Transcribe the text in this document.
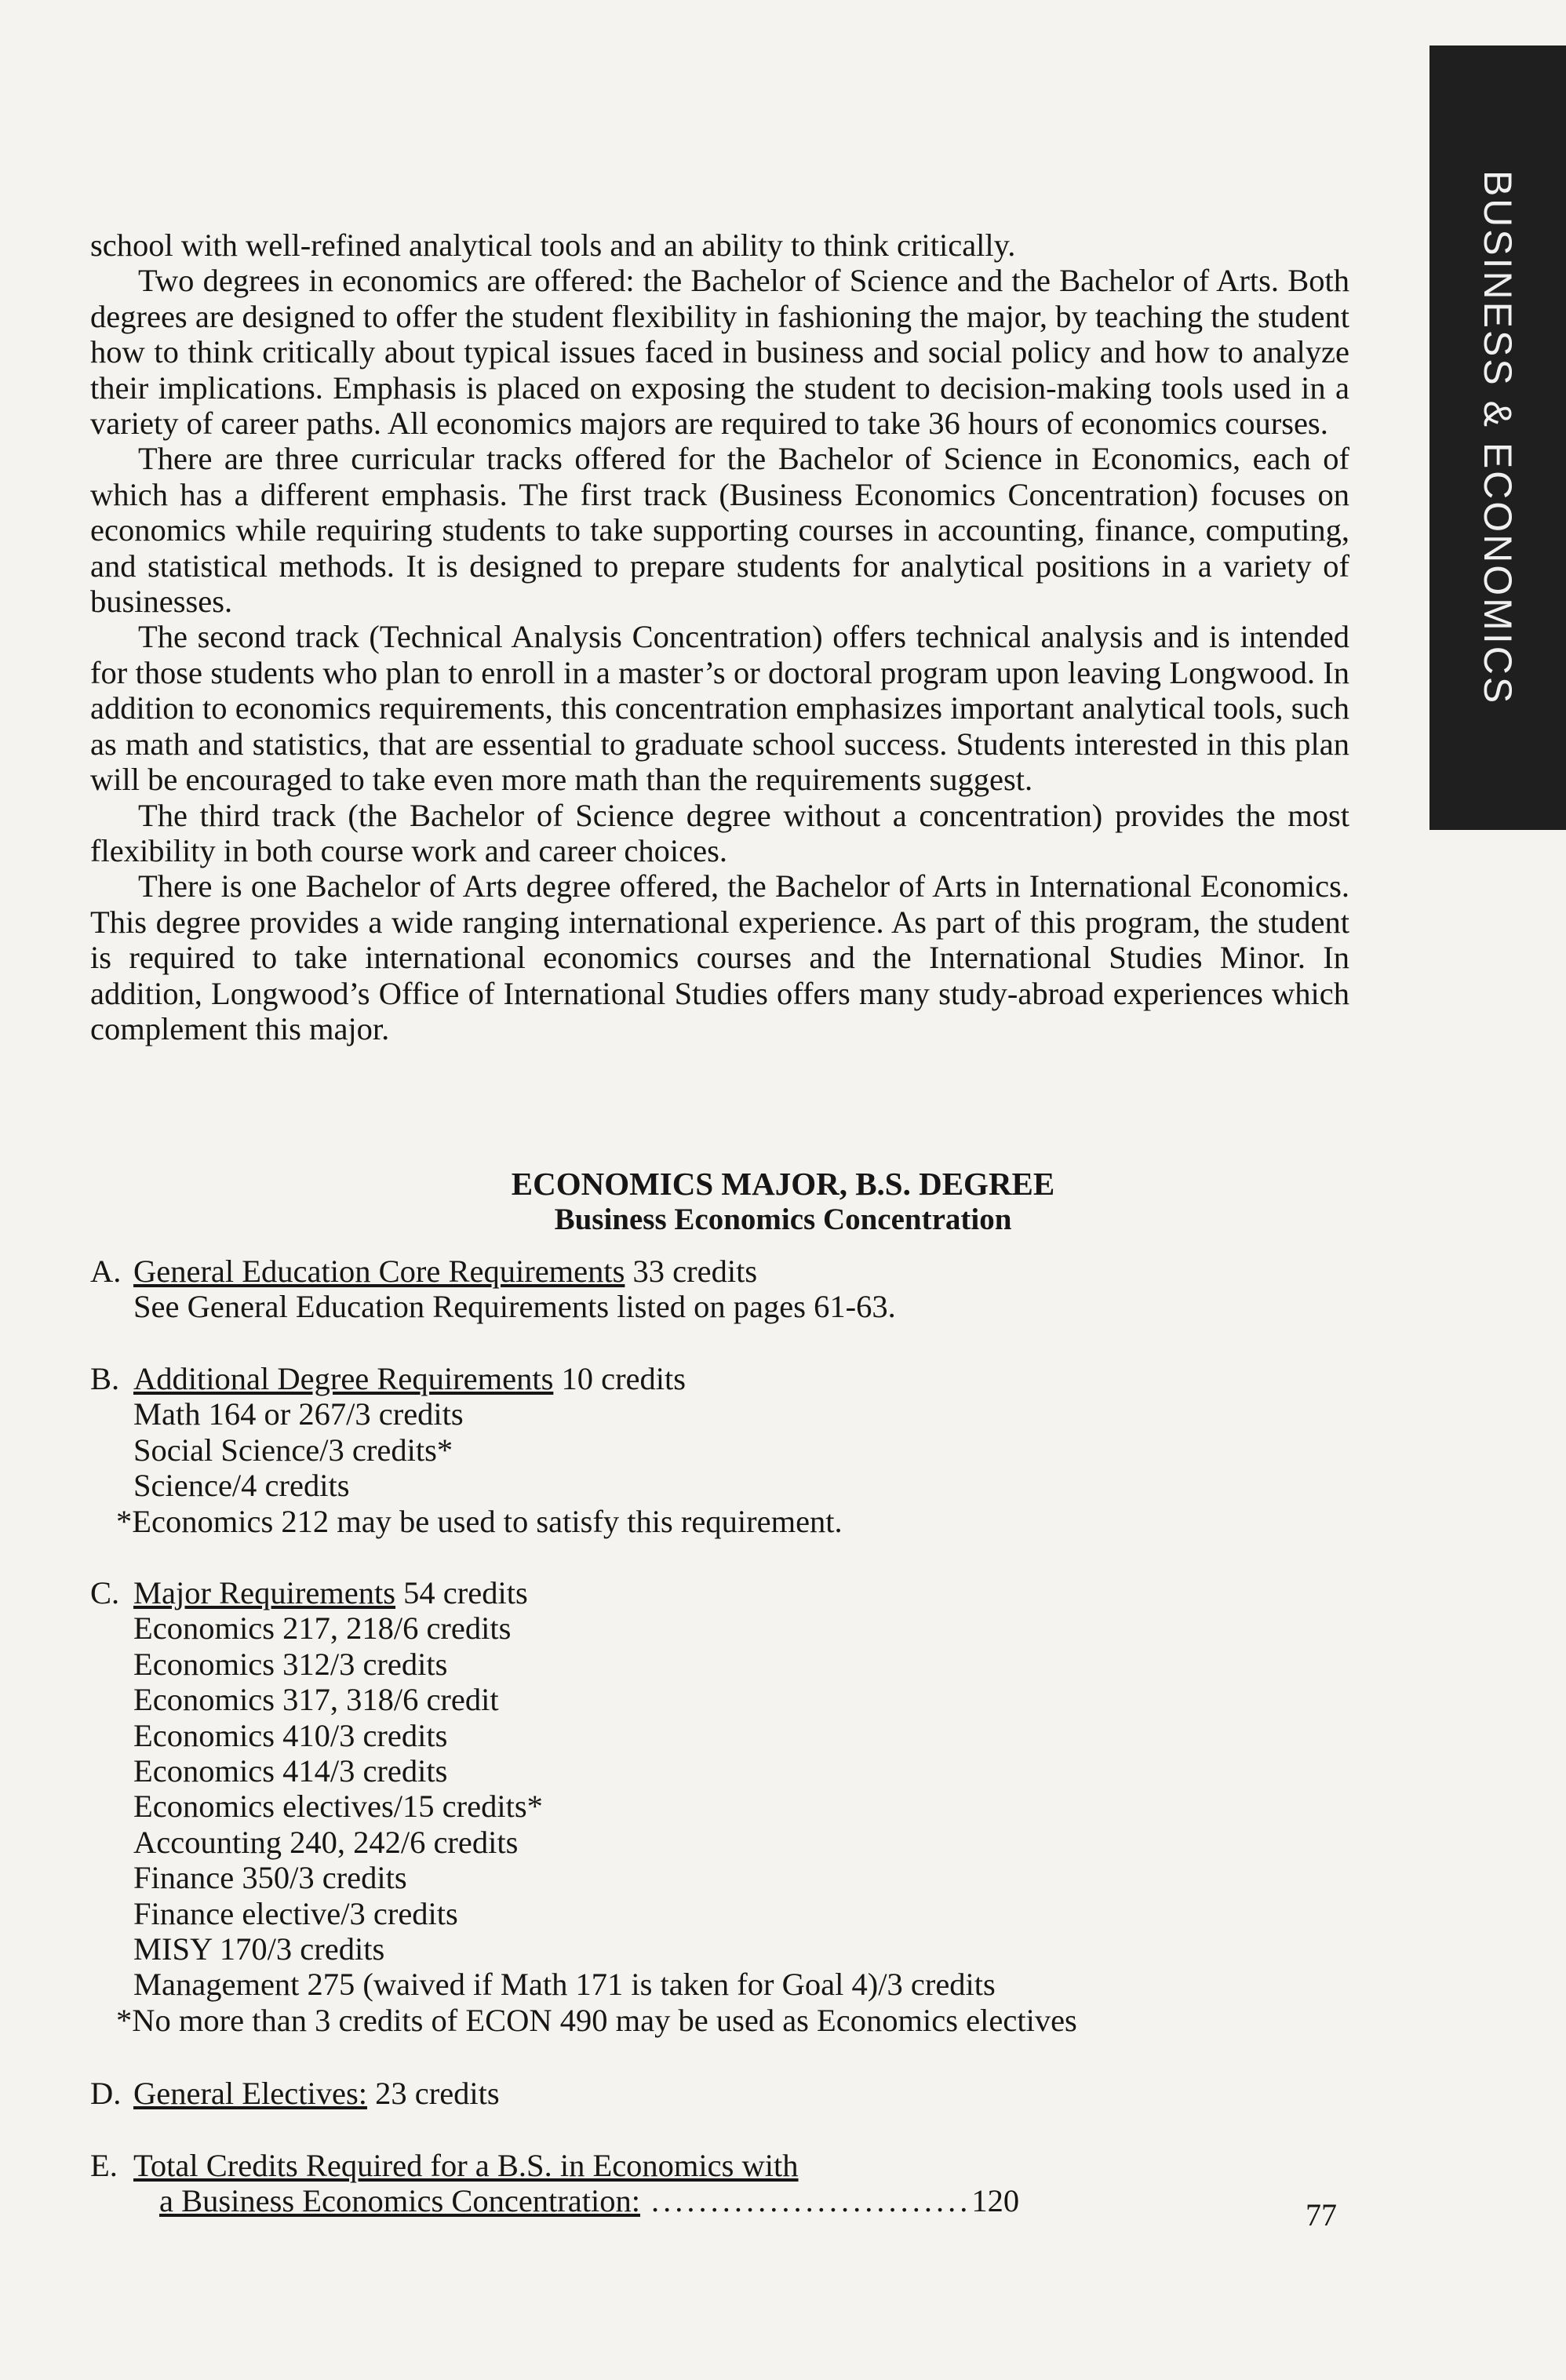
BUSINESS & ECONOMICS

school with well-refined analytical tools and an ability to think critically.

Two degrees in economics are offered: the Bachelor of Science and the Bachelor of Arts. Both degrees are designed to offer the student flexibility in fashioning the major, by teaching the student how to think critically about typical issues faced in business and social policy and how to analyze their implications. Emphasis is placed on exposing the student to decision-making tools used in a variety of career paths. All economics majors are required to take 36 hours of economics courses.

There are three curricular tracks offered for the Bachelor of Science in Economics, each of which has a different emphasis. The first track (Business Economics Concentration) focuses on economics while requiring students to take supporting courses in accounting, finance, computing, and statistical methods. It is designed to prepare students for analytical positions in a variety of businesses.

The second track (Technical Analysis Concentration) offers technical analysis and is intended for those students who plan to enroll in a master’s or doctoral program upon leaving Longwood. In addition to economics requirements, this concentration emphasizes important analytical tools, such as math and statistics, that are essential to graduate school success. Students interested in this plan will be encouraged to take even more math than the requirements suggest.

The third track (the Bachelor of Science degree without a concentration) provides the most flexibility in both course work and career choices.

There is one Bachelor of Arts degree offered, the Bachelor of Arts in International Economics. This degree provides a wide ranging international experience. As part of this program, the student is required to take international economics courses and the International Studies Minor. In addition, Longwood’s Office of International Studies offers many study-abroad experiences which complement this major.

ECONOMICS MAJOR, B.S. DEGREE
Business Economics Concentration
A. General Education Core Requirements 33 credits
See General Education Requirements listed on pages 61-63.
B. Additional Degree Requirements 10 credits
Math 164 or 267/3 credits
Social Science/3 credits*
Science/4 credits
*Economics 212 may be used to satisfy this requirement.
C. Major Requirements 54 credits
Economics 217, 218/6 credits
Economics 312/3 credits
Economics 317, 318/6 credit
Economics 410/3 credits
Economics 414/3 credits
Economics electives/15 credits*
Accounting 240, 242/6 credits
Finance 350/3 credits
Finance elective/3 credits
MISY 170/3 credits
Management 275 (waived if Math 171 is taken for Goal 4)/3 credits
*No more than 3 credits of ECON 490 may be used as Economics electives
D. General Electives: 23 credits
E. Total Credits Required for a B.S. in Economics with
a Business Economics Concentration: ...........................120	77
